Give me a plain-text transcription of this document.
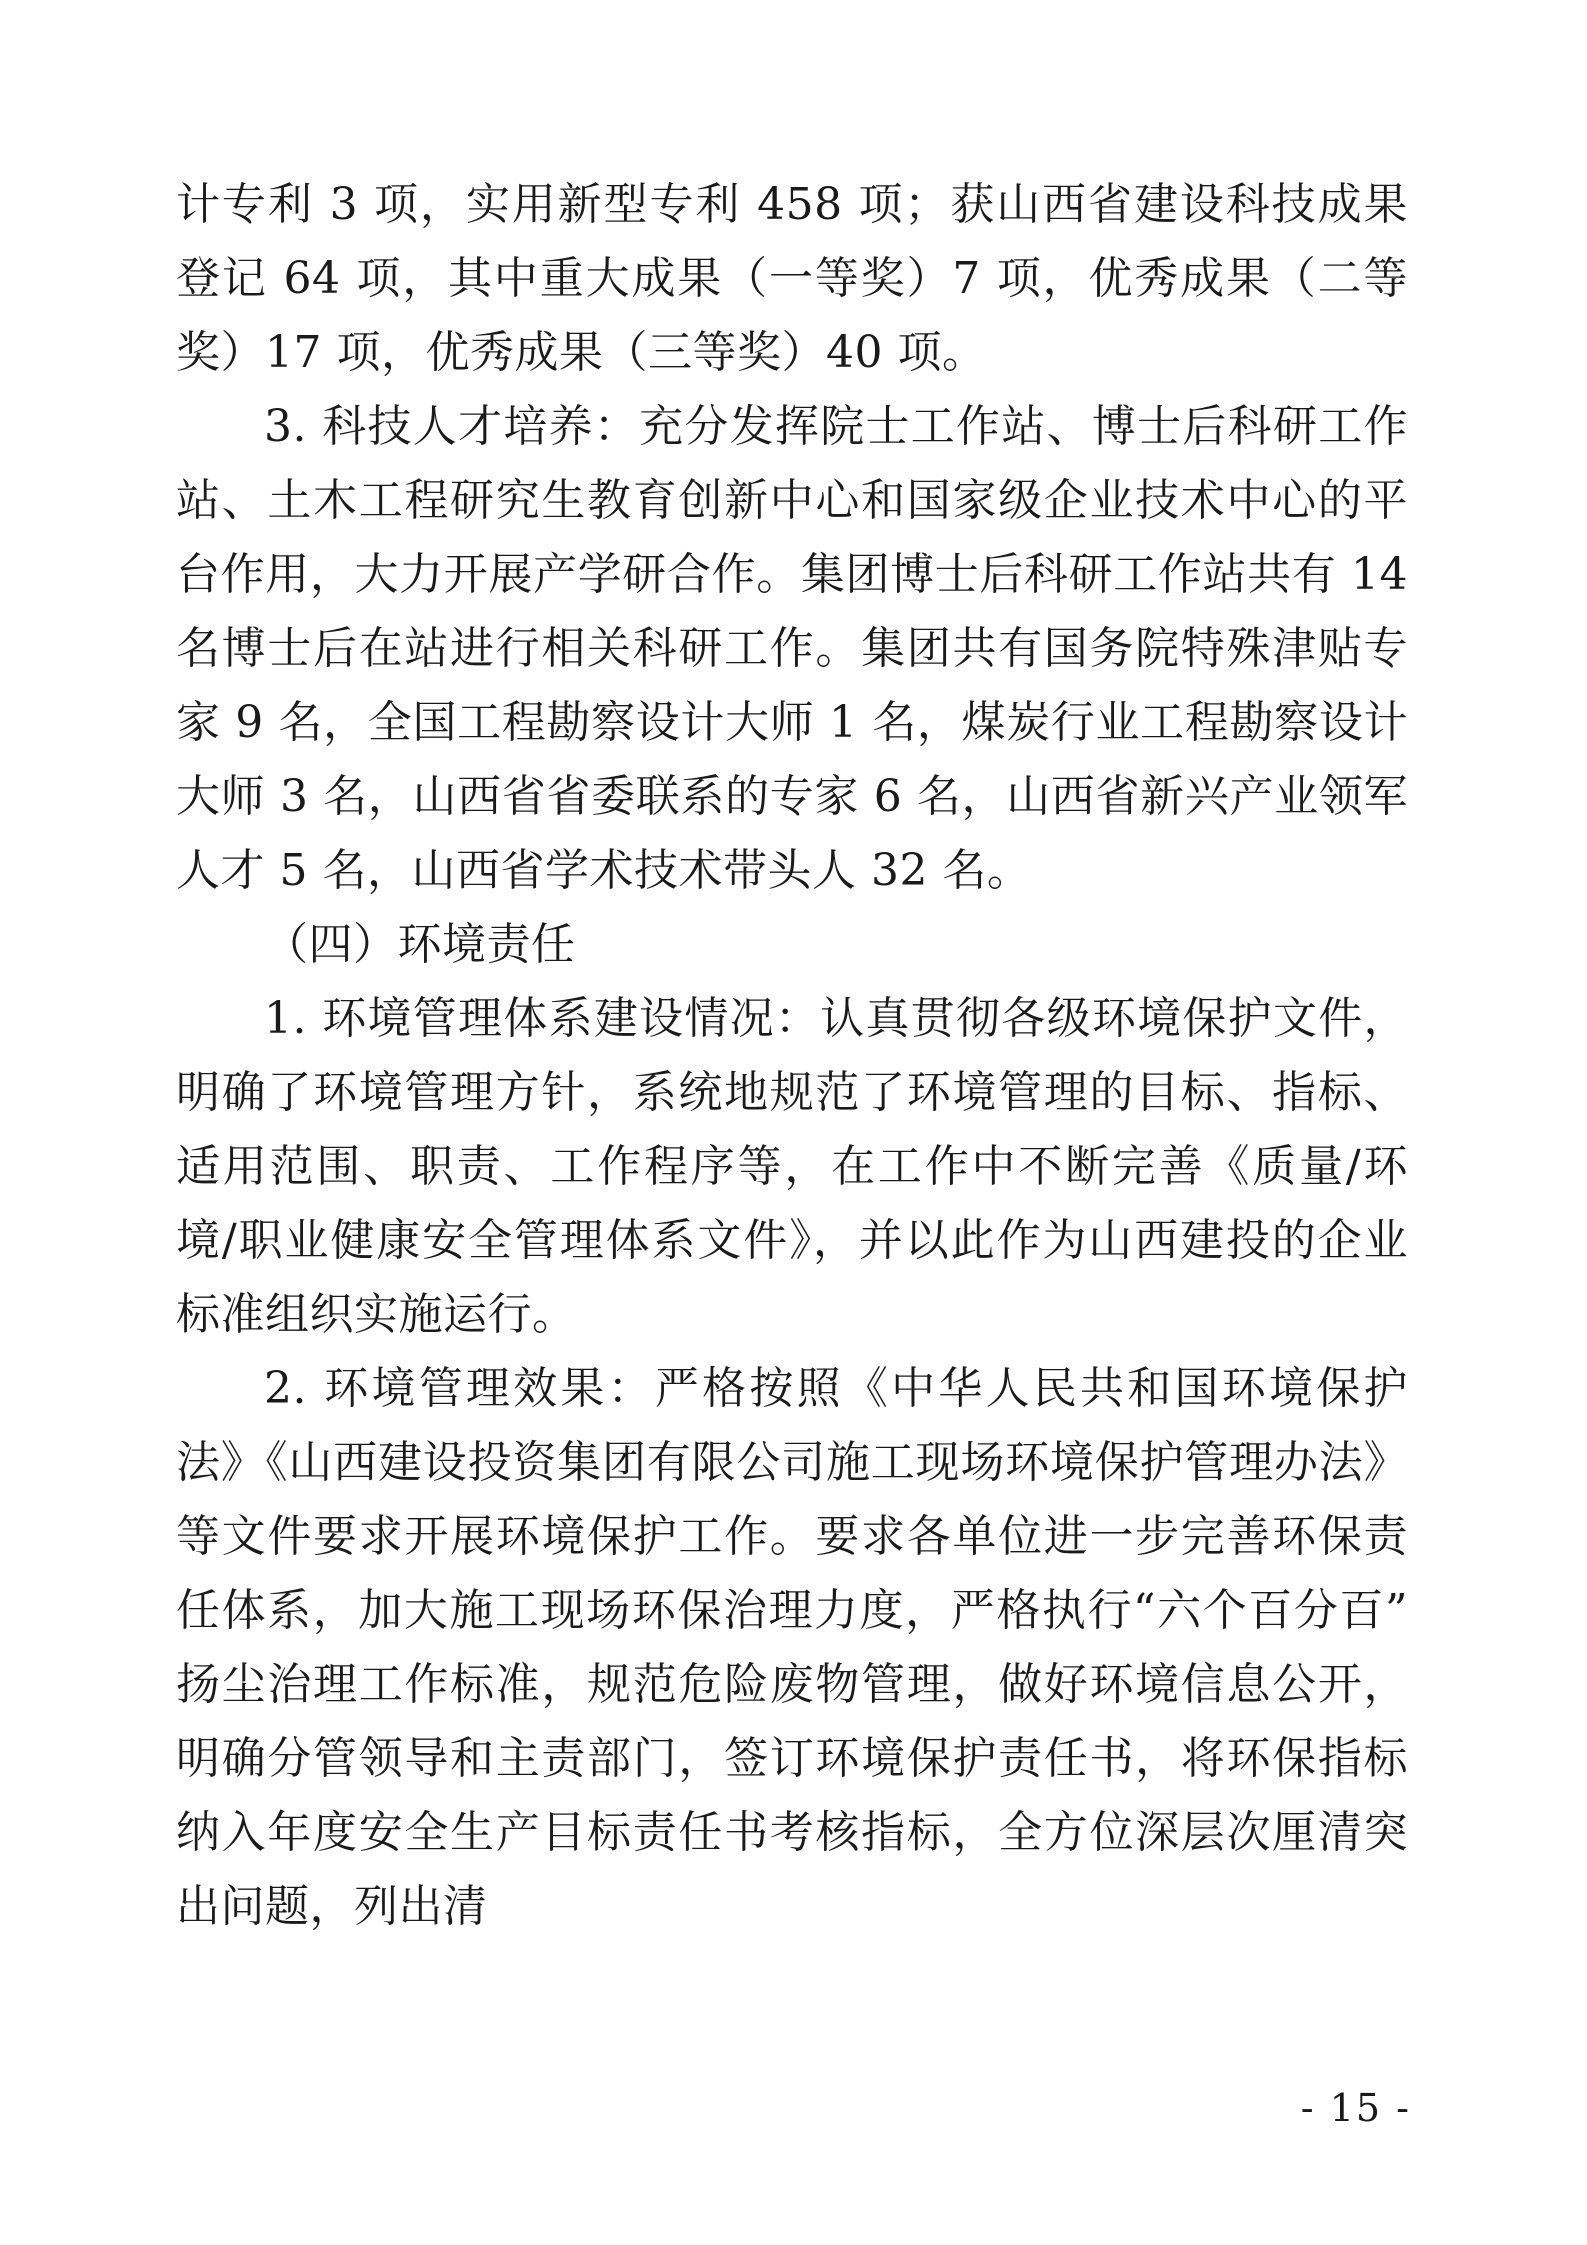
计专利 3 项，实用新型专利 458 项；获山西省建设科技成果登记 64 项，其中重大成果（一等奖）7 项，优秀成果（二等奖）17 项，优秀成果（三等奖）40 项。

3. 科技人才培养：充分发挥院士工作站、博士后科研工作站、土木工程研究生教育创新中心和国家级企业技术中心的平台作用，大力开展产学研合作。集团博士后科研工作站共有 14 名博士后在站进行相关科研工作。集团共有国务院特殊津贴专家 9 名，全国工程勘察设计大师 1 名，煤炭行业工程勘察设计大师 3 名，山西省省委联系的专家 6 名，山西省新兴产业领军人才 5 名，山西省学术技术带头人 32 名。

（四）环境责任

1. 环境管理体系建设情况：认真贯彻各级环境保护文件，明确了环境管理方针，系统地规范了环境管理的目标、指标、适用范围、职责、工作程序等，在工作中不断完善《质量/环境/职业健康安全管理体系文件》，并以此作为山西建投的企业标准组织实施运行。

2. 环境管理效果：严格按照《中华人民共和国环境保护法》《山西建设投资集团有限公司施工现场环境保护管理办法》等文件要求开展环境保护工作。要求各单位进一步完善环保责任体系，加大施工现场环保治理力度，严格执行“六个百分百”扬尘治理工作标准，规范危险废物管理，做好环境信息公开，明确分管领导和主责部门，签订环境保护责任书，将环保指标纳入年度安全生产目标责任书考核指标，全方位深层次厘清突出问题，列出清

- 15 -
